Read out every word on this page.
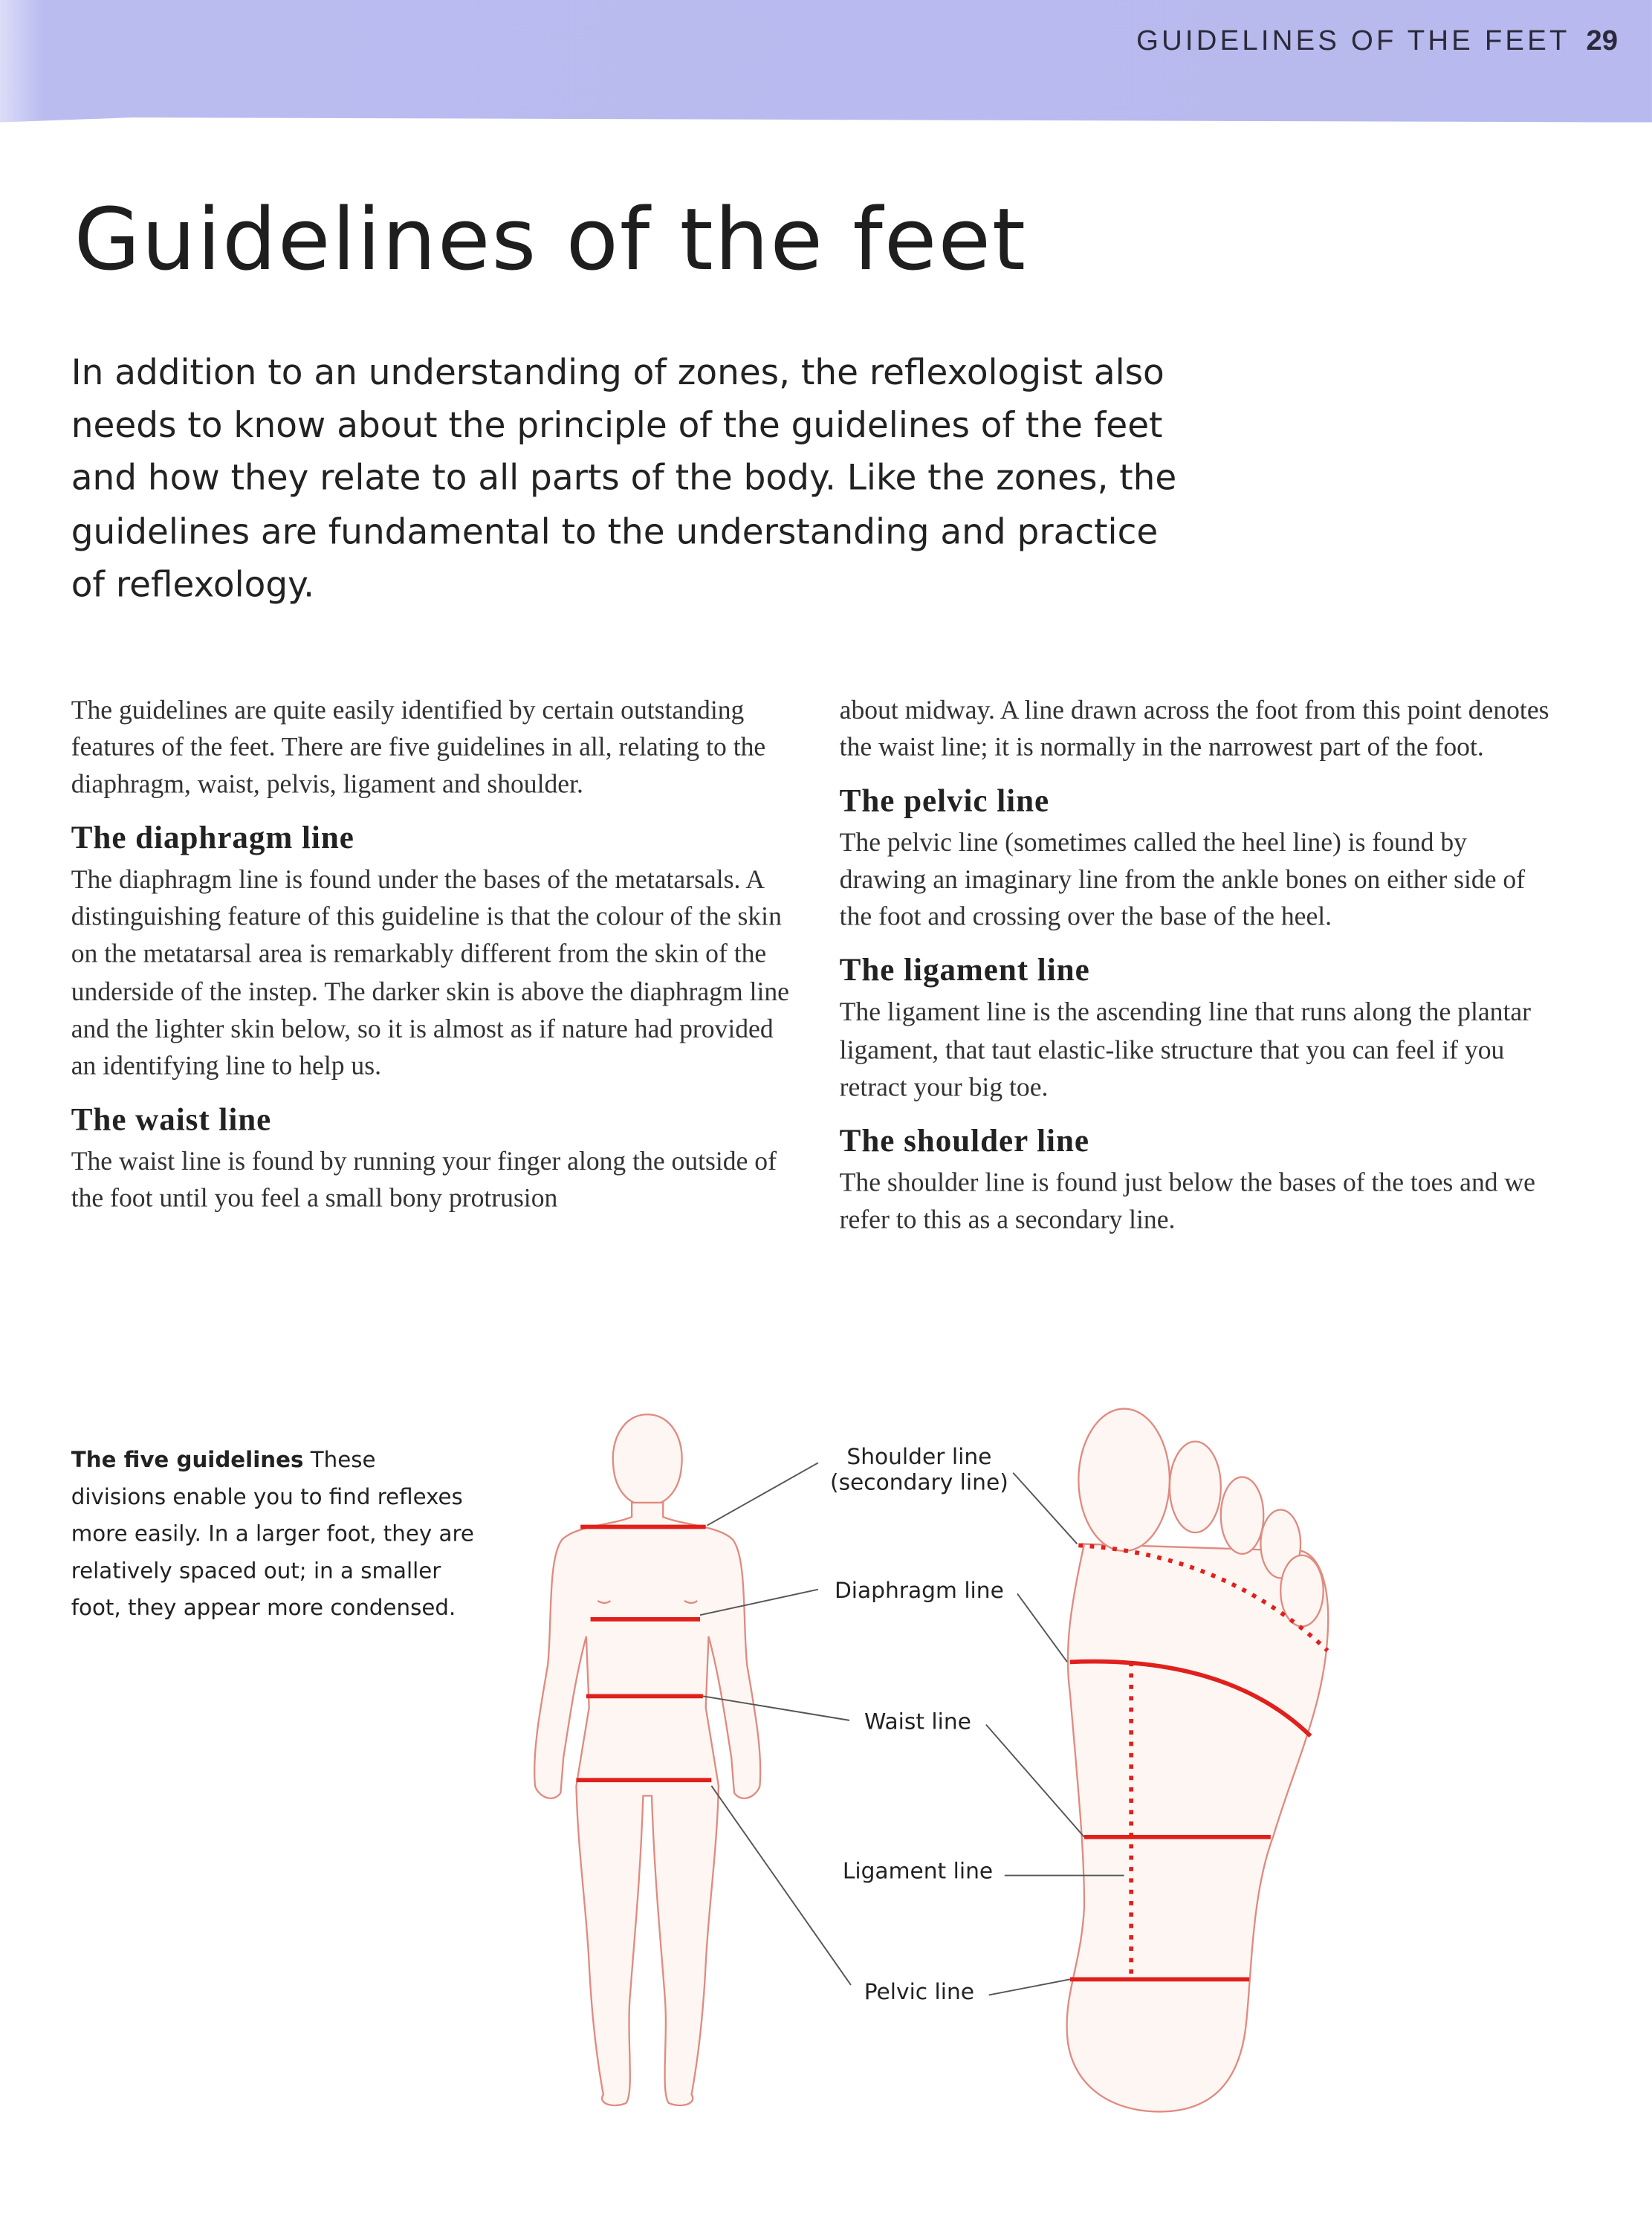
GUIDELINES OF THE FEET 29
Guidelines of the feet

In addition to an understanding of zones, the reflexologist also needs to know about the principle of the guidelines of the feet and how they relate to all parts of the body. Like the zones, the guidelines are fundamental to the understanding and practice of reflexology.

The guidelines are quite easily identified by certain outstanding features of the feet. There are five guidelines in all, relating to the diaphragm, waist, pelvis, ligament and shoulder.

The diaphragm line

The diaphragm line is found under the bases of the metatarsals. A distinguishing feature of this guideline is that the colour of the skin on the metatarsal area is remarkably different from the skin of the underside of the instep. The darker skin is above the diaphragm line and the lighter skin below, so it is almost as if nature had provided an identifying line to help us.

The waist line

The waist line is found by running your finger along the outside of the foot until you feel a small bony protrusion

about midway. A line drawn across the foot from this point denotes the waist line; it is normally in the narrowest part of the foot.

The pelvic line

The pelvic line (sometimes called the heel line) is found by drawing an imaginary line from the ankle bones on either side of the foot and crossing over the base of the heel.

The ligament line

The ligament line is the ascending line that runs along the plantar ligament, that taut elastic-like structure that you can feel if you retract your big toe.

The shoulder line

The shoulder line is found just below the bases of the toes and we refer to this as a secondary line.

The five guidelines These divisions enable you to find reflexes more easily. In a larger foot, they are relatively spaced out; in a smaller foot, they appear more condensed.

Shoulder line
(secondary line)
Diaphragm line
Waist line
Ligament line
Pelvic line
